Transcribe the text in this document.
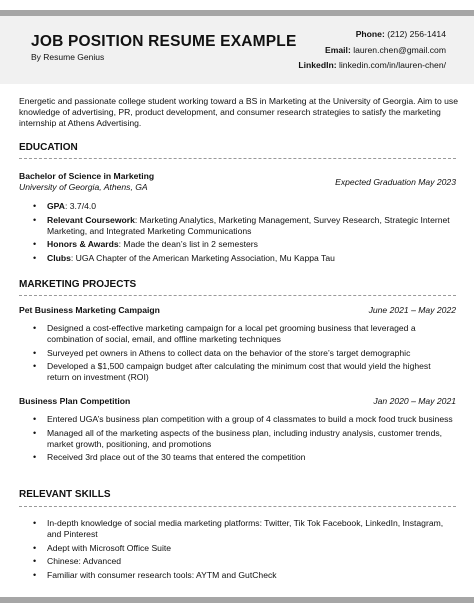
JOB POSITION RESUME EXAMPLE
By Resume Genius
Phone: (212) 256-1414
Email: lauren.chen@gmail.com
LinkedIn: linkedin.com/in/lauren-chen/

Energetic and passionate college student working toward a BS in Marketing at the University of Georgia. Aim to use knowledge of advertising, PR, product development, and consumer research strategies to satisfy the marketing internship at Athens Advertising.

EDUCATION
Bachelor of Science in Marketing
Expected Graduation May 2023
University of Georgia, Athens, GA
• GPA: 3.7/4.0
• Relevant Coursework: Marketing Analytics, Marketing Management, Survey Research, Strategic Internet Marketing, and Integrated Marketing Communications
• Honors & Awards: Made the dean’s list in 2 semesters
• Clubs: UGA Chapter of the American Marketing Association, Mu Kappa Tau
MARKETING PROJECTS
Pet Business Marketing Campaign	June 2021 – May 2022
• Designed a cost-effective marketing campaign for a local pet grooming business that leveraged a combination of social, email, and offline marketing techniques
• Surveyed pet owners in Athens to collect data on the behavior of the store’s target demographic
• Developed a $1,500 campaign budget after calculating the minimum cost that would yield the highest return on investment (ROI)
Business Plan Competition	Jan 2020 – May 2021
• Entered UGA’s business plan competition with a group of 4 classmates to build a mock food truck business
• Managed all of the marketing aspects of the business plan, including industry analysis, customer trends, market growth, positioning, and promotions
• Received 3rd place out of the 30 teams that entered the competition
RELEVANT SKILLS
• In-depth knowledge of social media marketing platforms: Twitter, Tik Tok Facebook, LinkedIn, Instagram, and Pinterest
• Adept with Microsoft Office Suite
• Chinese: Advanced
• Familiar with consumer research tools: AYTM and GutCheck
